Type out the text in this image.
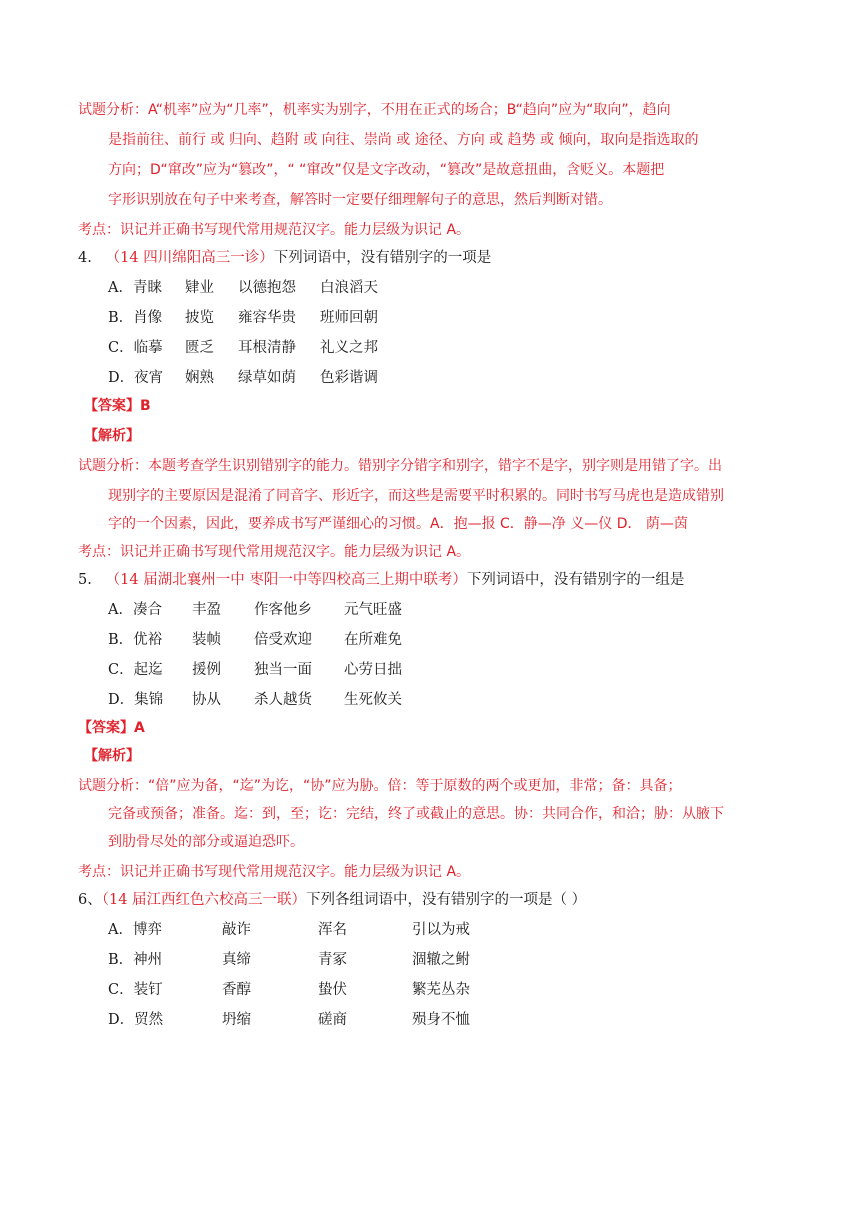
试题分析：A“机率”应为“几率”，机率实为别字，不用在正式的场合；B“趋向”应为“取向”，趋向
是指前往、前行 或 归向、趋附 或 向往、崇尚 或 途径、方向 或 趋势 或 倾向，取向是指选取的
方向；D“窜改”应为“篡改”，“ “窜改”仅是文字改动，“篡改”是故意扭曲，含贬义。本题把
字形识别放在句子中来考查，解答时一定要仔细理解句子的意思，然后判断对错。
考点：识记并正确书写现代常用规范汉字。能力层级为识记 A。
4. （14 四川绵阳高三一诊）下列词语中，没有错别字的一项是
A．青睐 肄业 以德抱怨 白浪滔天
B．肖像 披览 雍容华贵 班师回朝
C．临摹 匮乏 耳根清静 礼义之邦
D．夜宵 娴熟 绿草如荫 色彩谐调
【答案】B
【解析】
试题分析：本题考查学生识别错别字的能力。错别字分错字和别字，错字不是字，别字则是用错了字。出
现别字的主要原因是混淆了同音字、形近字，而这些是需要平时积累的。同时书写马虎也是造成错别
字的一个因素，因此，要养成书写严谨细心的习惯。A．抱—报 C．静—净 义—仪 D． 荫—茵
考点：识记并正确书写现代常用规范汉字。能力层级为识记 A。
5. （14 届湖北襄州一中 枣阳一中等四校高三上期中联考）下列词语中，没有错别字的一组是
A．凑合 丰盈 作客他乡 元气旺盛
B．优裕 装帧 倍受欢迎 在所难免
C．起迄 援例 独当一面 心劳日拙
D．集锦 协从 杀人越货 生死攸关
【答案】A
【解析】
试题分析：“倍”应为备，“迄”为讫，“协”应为胁。倍：等于原数的两个或更加，非常；备：具备；
完备或预备；准备。迄：到，至；讫：完结，终了或截止的意思。协：共同合作，和洽；胁：从腋下
到肋骨尽处的部分或逼迫恐吓。
考点：识记并正确书写现代常用规范汉字。能力层级为识记 A。
6、（14 届江西红色六校高三一联）下列各组词语中，没有错别字的一项是（ ）
A．博弈	敲诈	浑名	引以为戒
B．神州	真缔	青冢	涸辙之鲋
C．装钉	香醇	蛰伏	繁芜丛杂
D．贸然	坍缩	磋商	殒身不恤
